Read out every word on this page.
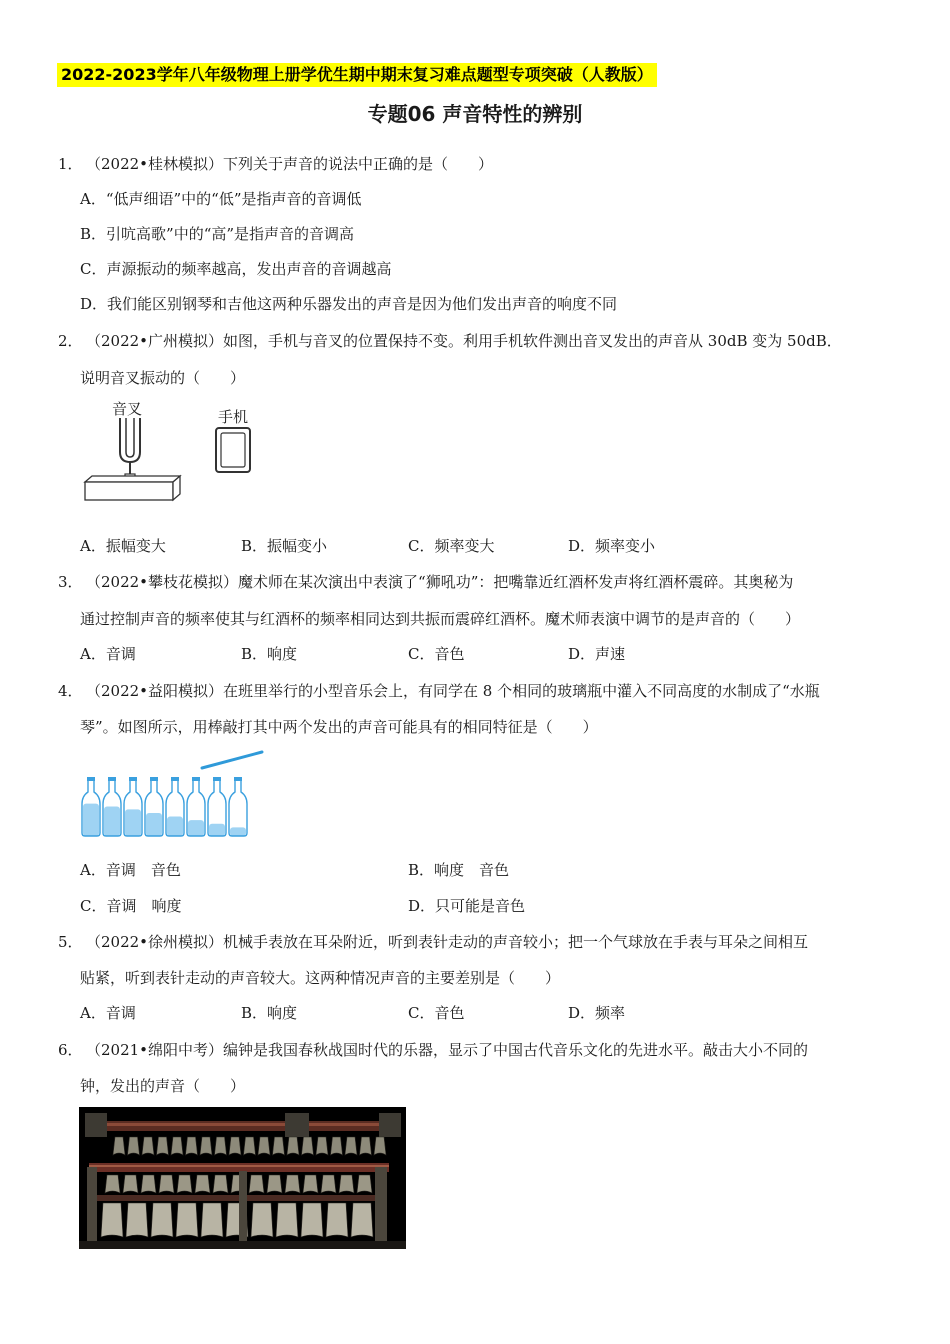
2022-2023学年八年级物理上册学优生期中期末复习难点题型专项突破（人教版）
专题06 声音特性的辨别
1． （2022•桂林模拟）下列关于声音的说法中正确的是（　　）
A．“低声细语”中的“低”是指声音的音调低
B．引吭高歌”中的“高”是指声音的音调高
C．声源振动的频率越高，发出声音的音调越高
D．我们能区别钢琴和吉他这两种乐器发出的声音是因为他们发出声音的响度不同
2． （2022•广州模拟）如图，手机与音叉的位置保持不变。利用手机软件测出音叉发出的声音从 30dB 变为 50dB．
说明音叉振动的（　　）
音叉	手机
A．振幅变大	B．振幅变小	C．频率变大	D．频率变小
3． （2022•攀枝花模拟）魔术师在某次演出中表演了“狮吼功”：把嘴靠近红酒杯发声将红酒杯震碎。其奥秘为
通过控制声音的频率使其与红酒杯的频率相同达到共振而震碎红酒杯。魔术师表演中调节的是声音的（　　）
A．音调	B．响度	C．音色	D．声速
4． （2022•益阳模拟）在班里举行的小型音乐会上，有同学在 8 个相同的玻璃瓶中灌入不同高度的水制成了“水瓶
琴”。如图所示，用棒敲打其中两个发出的声音可能具有的相同特征是（　　）
A．音调　音色	B．响度　音色
C．音调　响度	D．只可能是音色
5． （2022•徐州模拟）机械手表放在耳朵附近，听到表针走动的声音较小；把一个气球放在手表与耳朵之间相互
贴紧，听到表针走动的声音较大。这两种情况声音的主要差别是（　　）
A．音调	B．响度	C．音色	D．频率
6． （2021•绵阳中考）编钟是我国春秋战国时代的乐器，显示了中国古代音乐文化的先进水平。敲击大小不同的
钟，发出的声音（　　）
